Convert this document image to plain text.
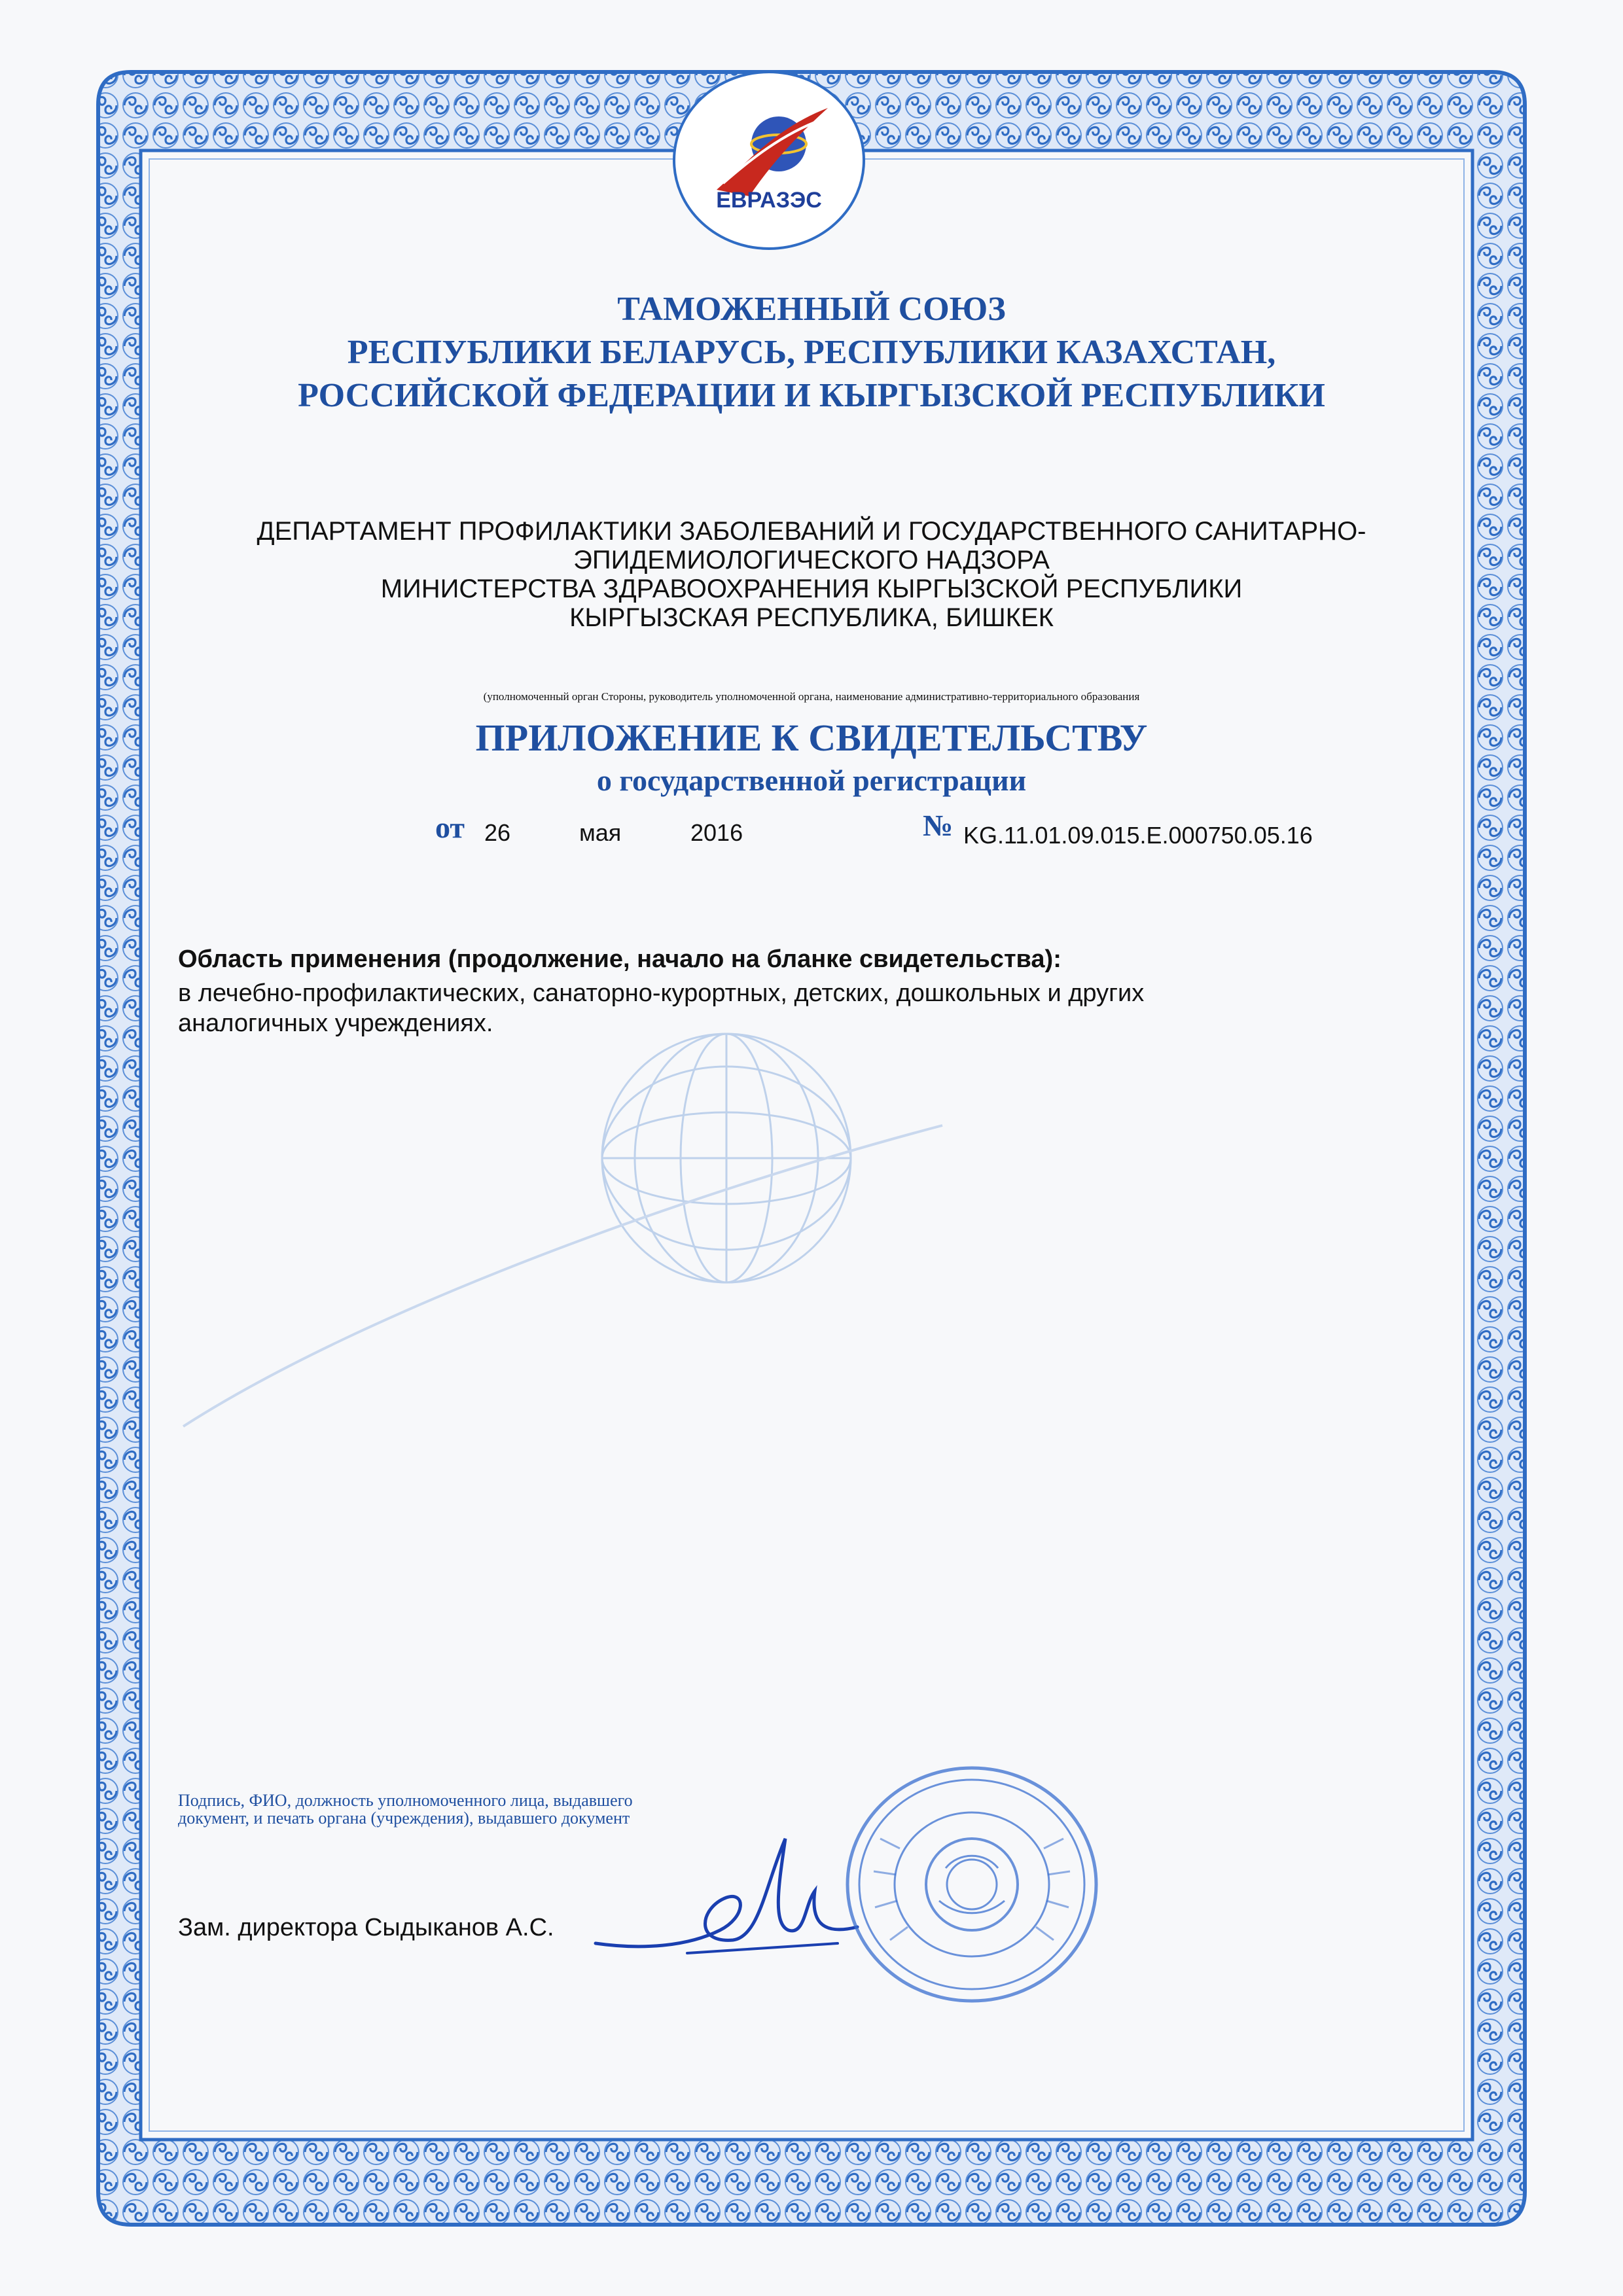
ЕВРАЗЭС
ТАМОЖЕННЫЙ СОЮЗ
РЕСПУБЛИКИ БЕЛАРУСЬ, РЕСПУБЛИКИ КАЗАХСТАН,
РОССИЙСКОЙ ФЕДЕРАЦИИ И КЫРГЫЗСКОЙ РЕСПУБЛИКИ
ДЕПАРТАМЕНТ ПРОФИЛАКТИКИ ЗАБОЛЕВАНИЙ И ГОСУДАРСТВЕННОГО САНИТАРНО-
ЭПИДЕМИОЛОГИЧЕСКОГО НАДЗОРА
МИНИСТЕРСТВА ЗДРАВООХРАНЕНИЯ КЫРГЫЗСКОЙ РЕСПУБЛИКИ
КЫРГЫЗСКАЯ РЕСПУБЛИКА, БИШКЕК
(уполномоченный орган Стороны, руководитель уполномоченной органа, наименование административно-территориального образования
ПРИЛОЖЕНИЕ К СВИДЕТЕЛЬСТВУ
о государственной регистрации
от 26	мая	2016	№ KG.11.01.09.015.E.000750.05.16
Область применения (продолжение, начало на бланке свидетельства):
в лечебно-профилактических, санаторно-курортных, детских, дошкольных и других аналогичных учреждениях.
Подпись, ФИО, должность уполномоченного лица, выдавшего документ, и печать органа (учреждения), выдавшего документ
Зам. директора Сыдыканов А.С.
